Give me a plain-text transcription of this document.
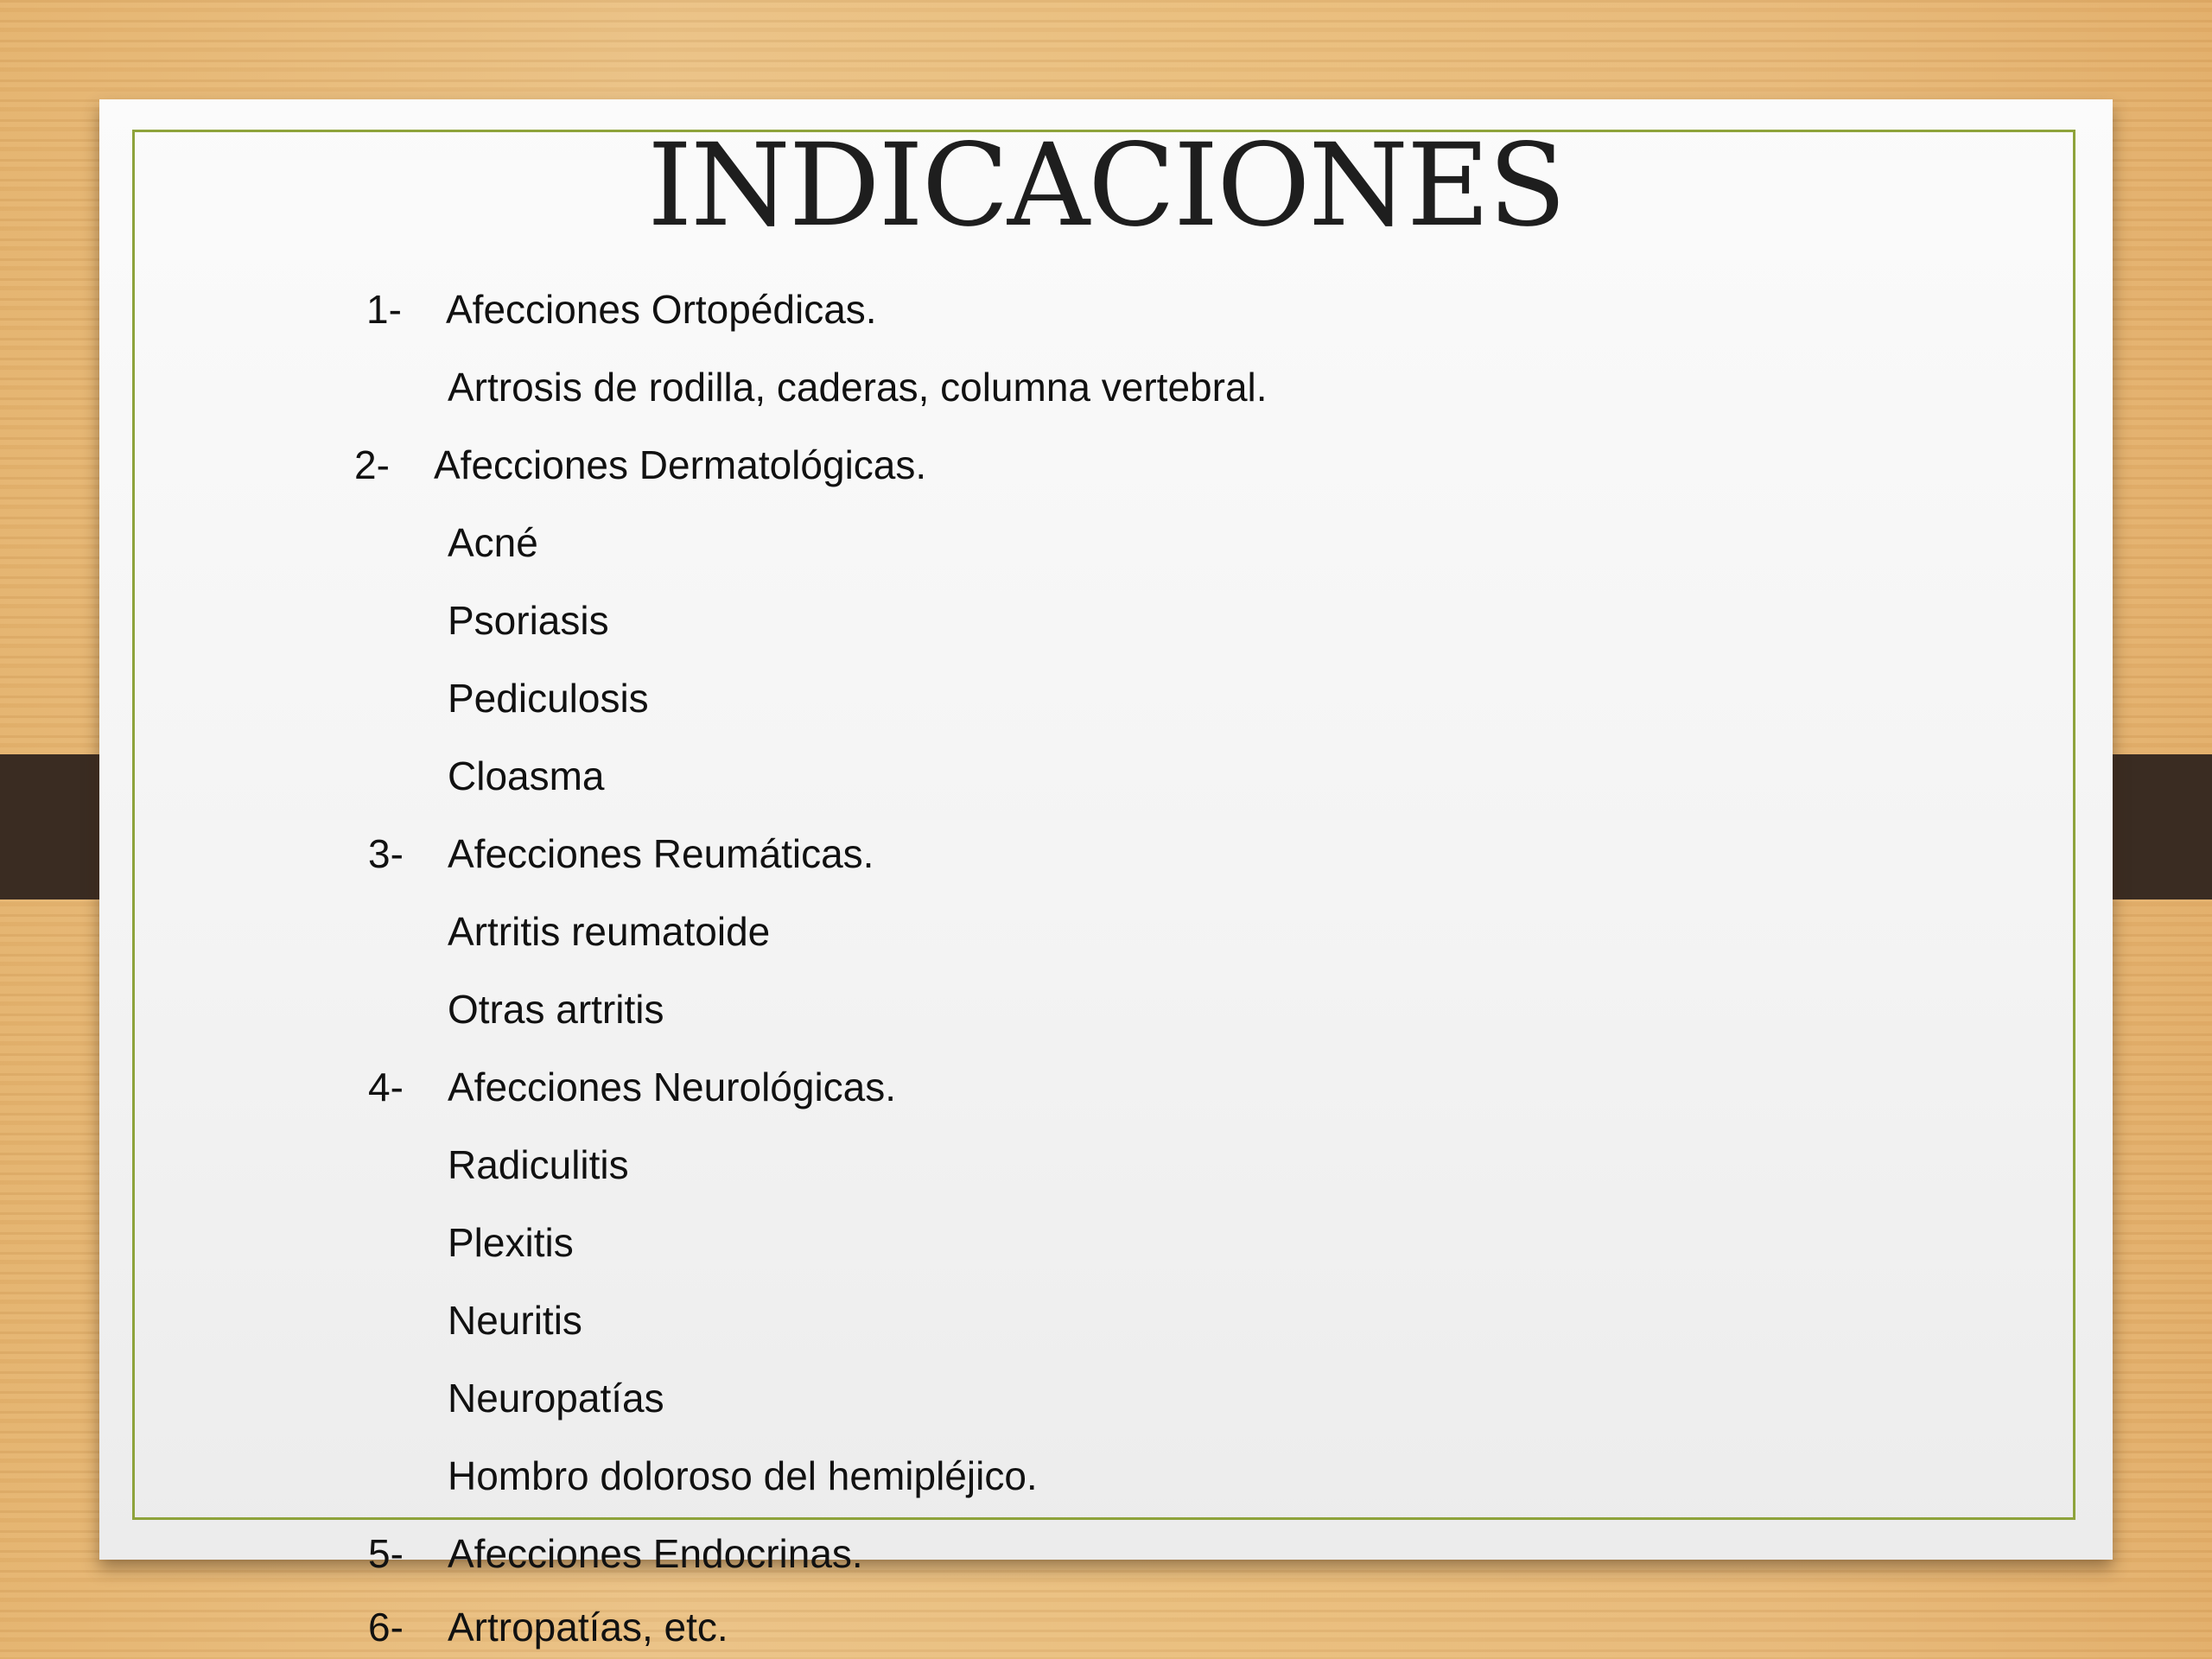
INDICACIONES
1- Afecciones Ortopédicas.
Artrosis de rodilla, caderas, columna vertebral.
2- Afecciones Dermatológicas.
Acné
Psoriasis
Pediculosis
Cloasma
3- Afecciones Reumáticas.
Artritis reumatoide
Otras artritis
4- Afecciones Neurológicas.
Radiculitis
Plexitis
Neuritis
Neuropatías
Hombro doloroso del hemipléjico.
5- Afecciones Endocrinas.
6- Artropatías, etc.
